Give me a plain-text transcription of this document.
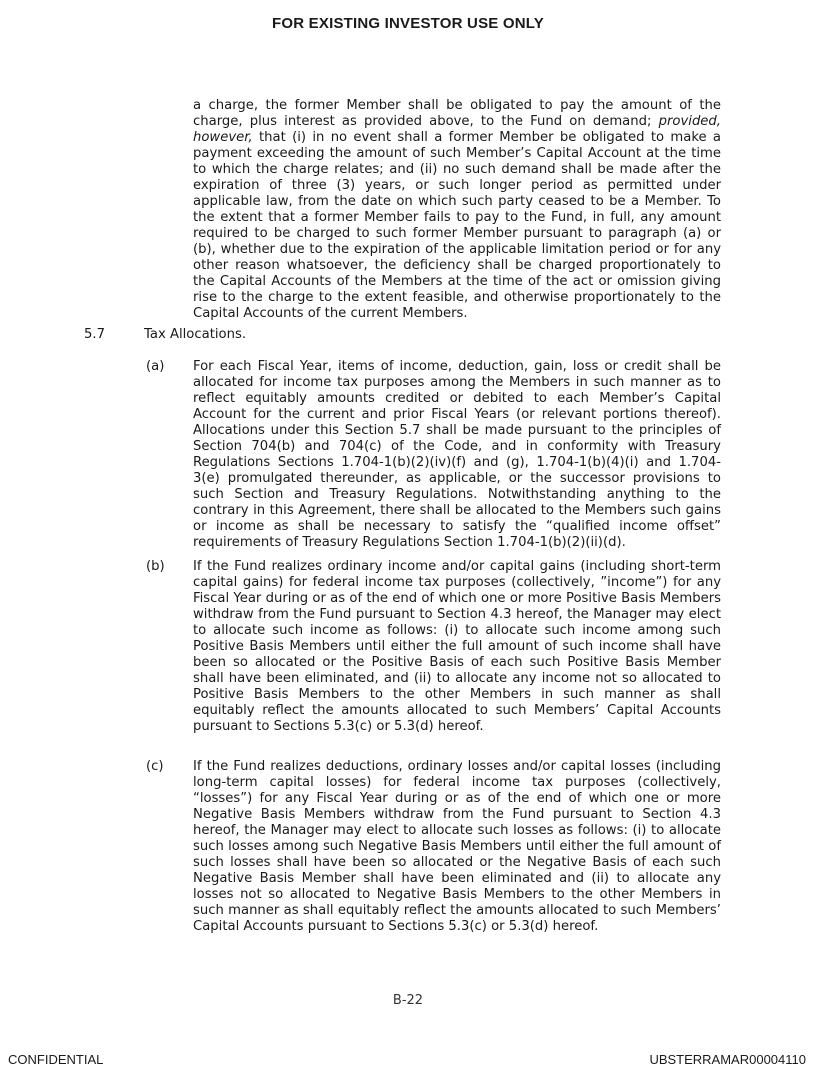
FOR EXISTING INVESTOR USE ONLY
a charge, the former Member shall be obligated to pay the amount of the charge, plus interest as provided above, to the Fund on demand; provided, however, that (i) in no event shall a former Member be obligated to make a payment exceeding the amount of such Member’s Capital Account at the time to which the charge relates; and (ii) no such demand shall be made after the expiration of three (3) years, or such longer period as permitted under applicable law, from the date on which such party ceased to be a Member. To the extent that a former Member fails to pay to the Fund, in full, any amount required to be charged to such former Member pursuant to paragraph (a) or (b), whether due to the expiration of the applicable limitation period or for any other reason whatsoever, the deficiency shall be charged proportionately to the Capital Accounts of the Members at the time of the act or omission giving rise to the charge to the extent feasible, and otherwise proportionately to the Capital Accounts of the current Members.
5.7	Tax Allocations.
(a) For each Fiscal Year, items of income, deduction, gain, loss or credit shall be allocated for income tax purposes among the Members in such manner as to reflect equitably amounts credited or debited to each Member’s Capital Account for the current and prior Fiscal Years (or relevant portions thereof). Allocations under this Section 5.7 shall be made pursuant to the principles of Section 704(b) and 704(c) of the Code, and in conformity with Treasury Regulations Sections 1.704-1(b)(2)(iv)(f) and (g), 1.704-1(b)(4)(i) and 1.704-3(e) promulgated thereunder, as applicable, or the successor provisions to such Section and Treasury Regulations. Notwithstanding anything to the contrary in this Agreement, there shall be allocated to the Members such gains or income as shall be necessary to satisfy the “qualified income offset” requirements of Treasury Regulations Section 1.704-1(b)(2)(ii)(d).
(b) If the Fund realizes ordinary income and/or capital gains (including short-term capital gains) for federal income tax purposes (collectively, ”income”) for any Fiscal Year during or as of the end of which one or more Positive Basis Members withdraw from the Fund pursuant to Section 4.3 hereof, the Manager may elect to allocate such income as follows: (i) to allocate such income among such Positive Basis Members until either the full amount of such income shall have been so allocated or the Positive Basis of each such Positive Basis Member shall have been eliminated, and (ii) to allocate any income not so allocated to Positive Basis Members to the other Members in such manner as shall equitably reflect the amounts allocated to such Members’ Capital Accounts pursuant to Sections 5.3(c) or 5.3(d) hereof.
(c) If the Fund realizes deductions, ordinary losses and/or capital losses (including long-term capital losses) for federal income tax purposes (collectively, “losses”) for any Fiscal Year during or as of the end of which one or more Negative Basis Members withdraw from the Fund pursuant to Section 4.3 hereof, the Manager may elect to allocate such losses as follows: (i) to allocate such losses among such Negative Basis Members until either the full amount of such losses shall have been so allocated or the Negative Basis of each such Negative Basis Member shall have been eliminated and (ii) to allocate any losses not so allocated to Negative Basis Members to the other Members in such manner as shall equitably reflect the amounts allocated to such Members’ Capital Accounts pursuant to Sections 5.3(c) or 5.3(d) hereof.
B-22
CONFIDENTIAL	UBSTERRAMAR00004110
